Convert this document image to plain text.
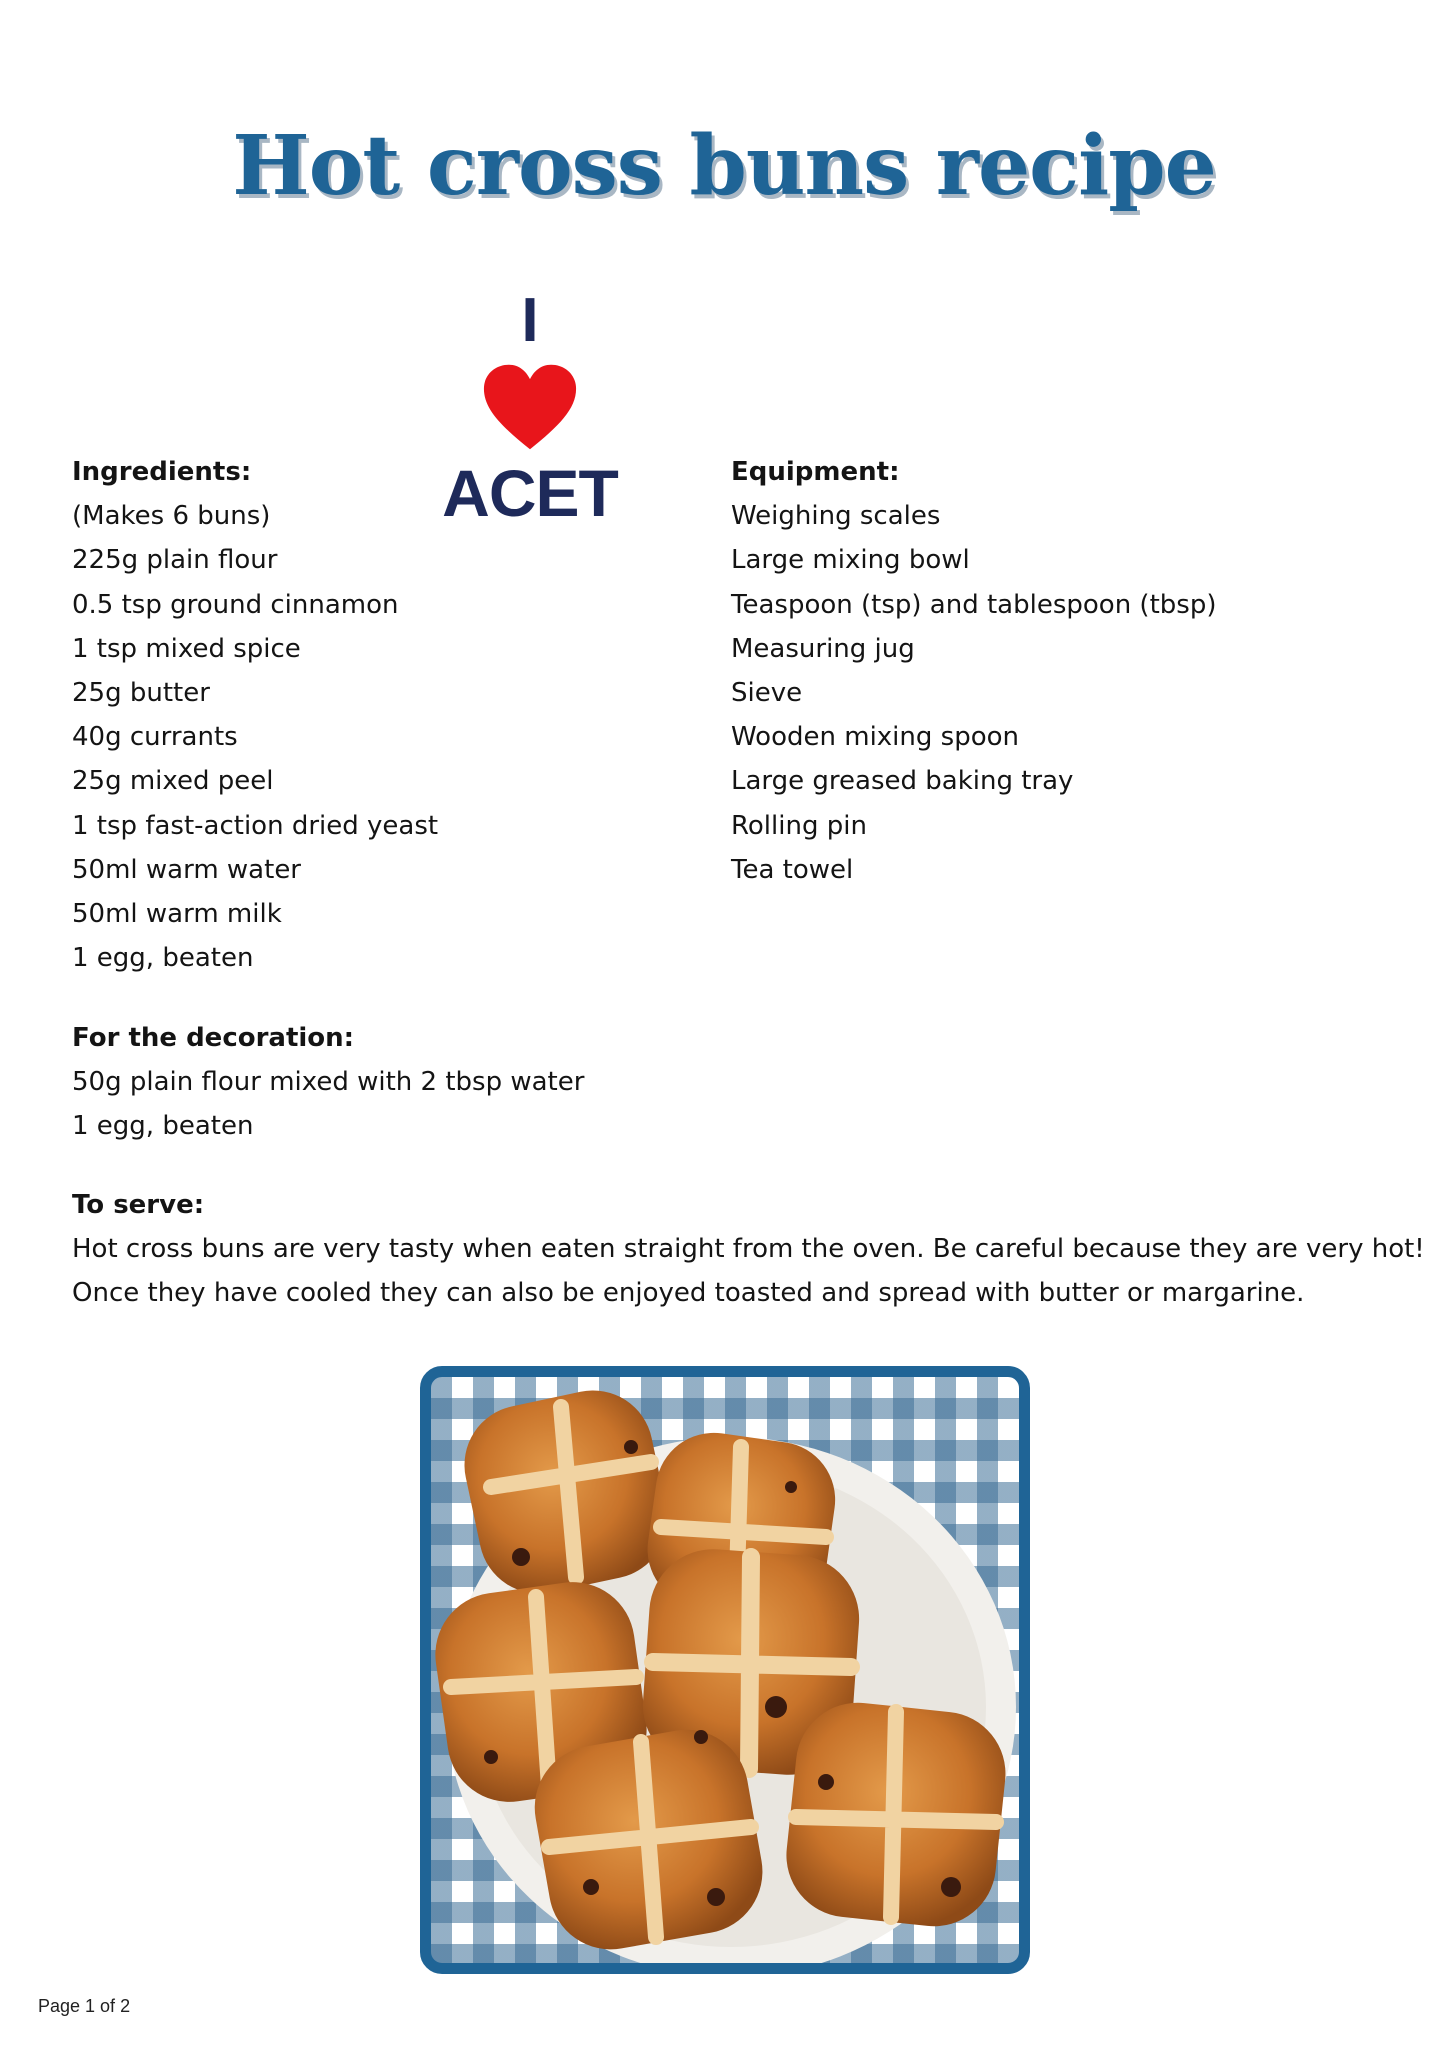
Hot cross buns recipe
I
ACET
Ingredients:
(Makes 6 buns)
225g plain flour
0.5 tsp ground cinnamon
1 tsp mixed spice
25g butter
40g currants
25g mixed peel
1 tsp fast-action dried yeast
50ml warm water
50ml warm milk
1 egg, beaten
Equipment:
Weighing scales
Large mixing bowl
Teaspoon (tsp) and tablespoon (tbsp)
Measuring jug
Sieve
Wooden mixing spoon
Large greased baking tray
Rolling pin
Tea towel
For the decoration:
50g plain flour mixed with 2 tbsp water
1 egg, beaten
To serve:
Hot cross buns are very tasty when eaten straight from the oven. Be careful because they are very hot!
Once they have cooled they can also be enjoyed toasted and spread with butter or margarine.
Page 1 of 2
